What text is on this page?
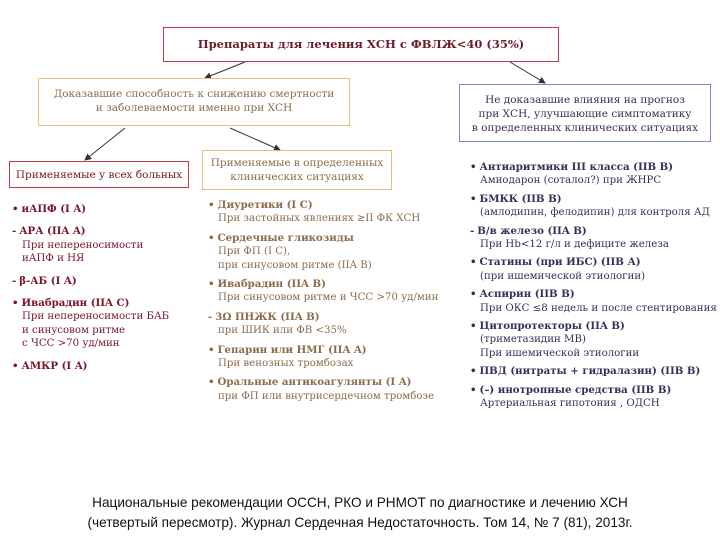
Препараты для лечения ХСН с ФВЛЖ<40 (35%)
Доказавшие способность к снижению смертности
и заболеваемости именно при ХСН
Не доказавшие влияния на прогноз
при ХСН, улучшающие симптоматику
в определенных клинических ситуациях
Применяемые у всех больных
Применяемые в определенных
клинических ситуациях
• иАПФ (I A)
- АРА (IIA A)
При непереносимости
иАПФ и НЯ
- β-АБ (I A)
• Ивабрадин (IIA C)
При непереносимости БАБ
и синусовом ритме
с ЧСС >70 уд/мин
• АМКР (I A)
• Диуретики (I C)
При застойных явлениях ≥II ФК ХСН
• Сердечные гликозиды
При ФП (I C),
при синусовом ритме (IIA B)
• Ивабрадин (IIA B)
При синусовом ритме и ЧСС >70 уд/мин
- 3Ω ПНЖК (IIA B)
при ШИК или ФВ <35%
• Гепарин или НМГ (IIA A)
При венозных тромбозах
• Оральные антикоагулянты (I A)
при ФП или внутрисердечном тромбозе
• Антиаритмики III класса (IIВ В)
Амиодарон (соталол?) при ЖНРС
• БМКК (IIВ В)
(амлодипин, фелодипин) для контроля АД
- В/в железо (IIA B)
При Hb<12 г/л и дефиците железа
• Статины (при ИБС) (IIВ А)
(при ишемической этиологии)
• Аспирин (IIВ В)
При ОКС ≤8 недель и после стентирования
• Цитопротекторы (IIA B)
(триметазидин МВ)
При ишемической этиологии
• ПВД (нитраты + гидралазин) (IIВ В)
• (–) инотропные средства (IIВ В)
Артериальная гипотония , ОДСН
Национальные рекомендации ОССН, РКО и РНМОТ по диагностике и лечению ХСН
(четвертый пересмотр). Журнал Сердечная Недостаточность. Том 14, № 7 (81), 2013г.
